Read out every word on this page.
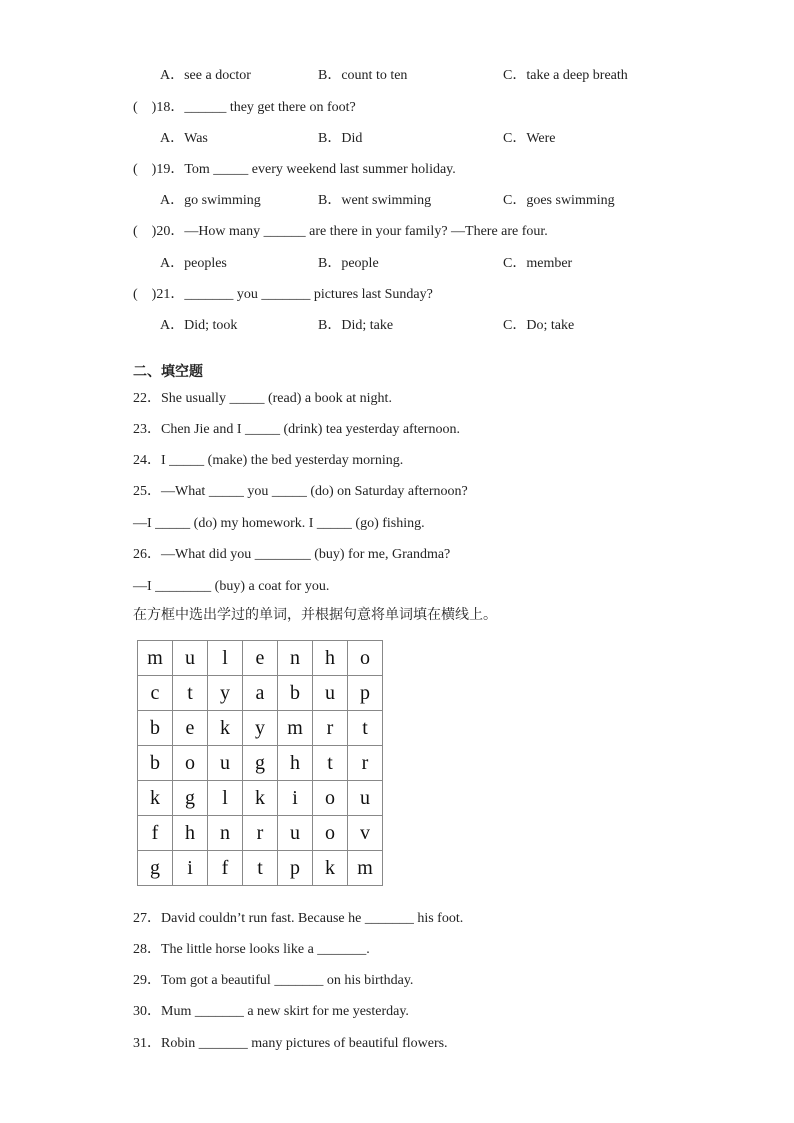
A．see a doctor	B．count to ten	C．take a deep breath
(　)18．______ they get there on foot?
A．Was	B．Did	C．Were
(　)19．Tom _____ every weekend last summer holiday.
A．go swimming	B．went swimming	C．goes swimming
(　)20．—How many ______ are there in your family? —There are four.
A．peoples	B．people	C．member
(　)21．_______ you _______ pictures last Sunday?
A．Did; took	B．Did; take	C．Do; take
二、填空题
22．She usually _____ (read) a book at night.
23．Chen Jie and I _____ (drink) tea yesterday afternoon.
24．I _____ (make) the bed yesterday morning.
25．—What _____ you _____ (do) on Saturday afternoon?
—I _____ (do) my homework. I _____ (go) fishing.
26．—What did you ________ (buy) for me, Grandma?
—I ________ (buy) a coat for you.
在方框中选出学过的单词，并根据句意将单词填在横线上。
m	u	l	e	n	h	o
c	t	y	a	b	u	p
b	e	k	y	m	r	t
b	o	u	g	h	t	r
k	g	l	k	i	o	u
f	h	n	r	u	o	v
g	i	f	t	p	k	m
27．David couldn’t run fast. Because he _______ his foot.
28．The little horse looks like a _______.
29．Tom got a beautiful _______ on his birthday.
30．Mum _______ a new skirt for me yesterday.
31．Robin _______ many pictures of beautiful flowers.
